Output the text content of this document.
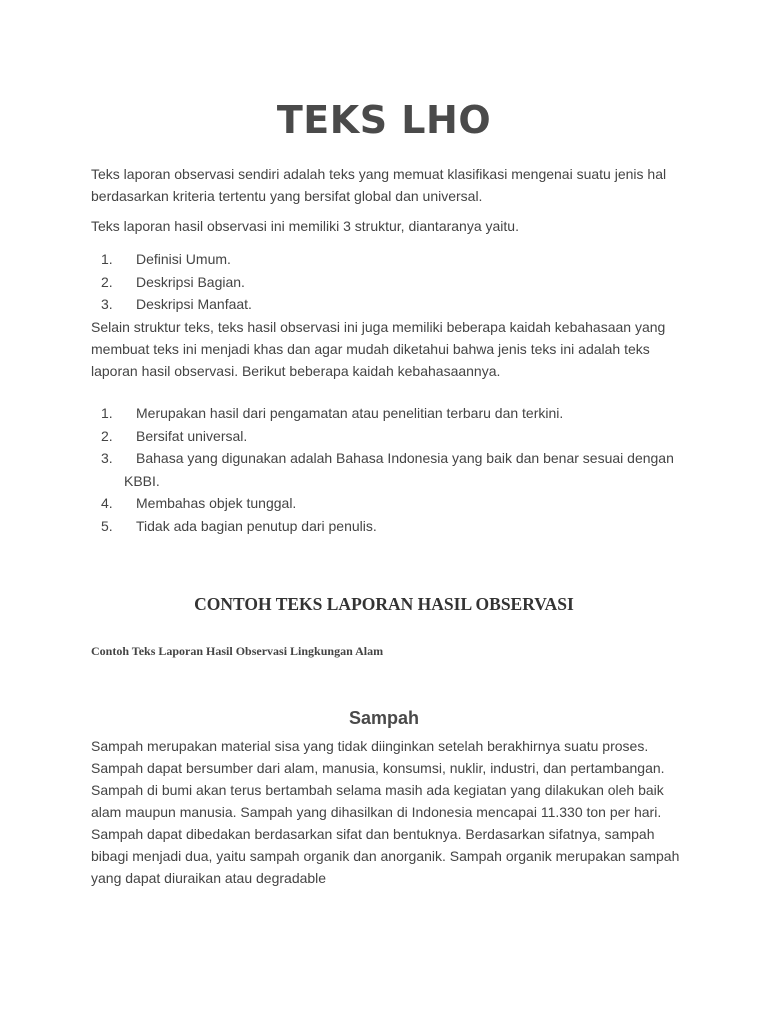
TEKS LHO

Teks laporan observasi sendiri adalah teks yang memuat klasifikasi mengenai suatu jenis hal berdasarkan kriteria tertentu yang bersifat global dan universal.

Teks laporan hasil observasi ini memiliki 3 struktur, diantaranya yaitu.

1. Definisi Umum.
2. Deskripsi Bagian.
3. Deskripsi Manfaat.

Selain struktur teks, teks hasil observasi ini juga memiliki beberapa kaidah kebahasaan yang membuat teks ini menjadi khas dan agar mudah diketahui bahwa jenis teks ini adalah teks laporan hasil observasi. Berikut beberapa kaidah kebahasaannya.

1. Merupakan hasil dari pengamatan atau penelitian terbaru dan terkini.
2. Bersifat universal.
3. Bahasa yang digunakan adalah Bahasa Indonesia yang baik dan benar sesuai dengan
KBBI.
4. Membahas objek tunggal.
5. Tidak ada bagian penutup dari penulis.
CONTOH TEKS LAPORAN HASIL OBSERVASI
Contoh Teks Laporan Hasil Observasi Lingkungan Alam
Sampah

Sampah merupakan material sisa yang tidak diinginkan setelah berakhirnya suatu proses. Sampah dapat bersumber dari alam, manusia, konsumsi, nuklir, industri, dan pertambangan. Sampah di bumi akan terus bertambah selama masih ada kegiatan yang dilakukan oleh baik alam maupun manusia. Sampah yang dihasilkan di Indonesia mencapai 11.330 ton per hari. Sampah dapat dibedakan berdasarkan sifat dan bentuknya. Berdasarkan sifatnya, sampah bibagi menjadi dua, yaitu sampah organik dan anorganik. Sampah organik merupakan sampah yang dapat diuraikan atau degradable
